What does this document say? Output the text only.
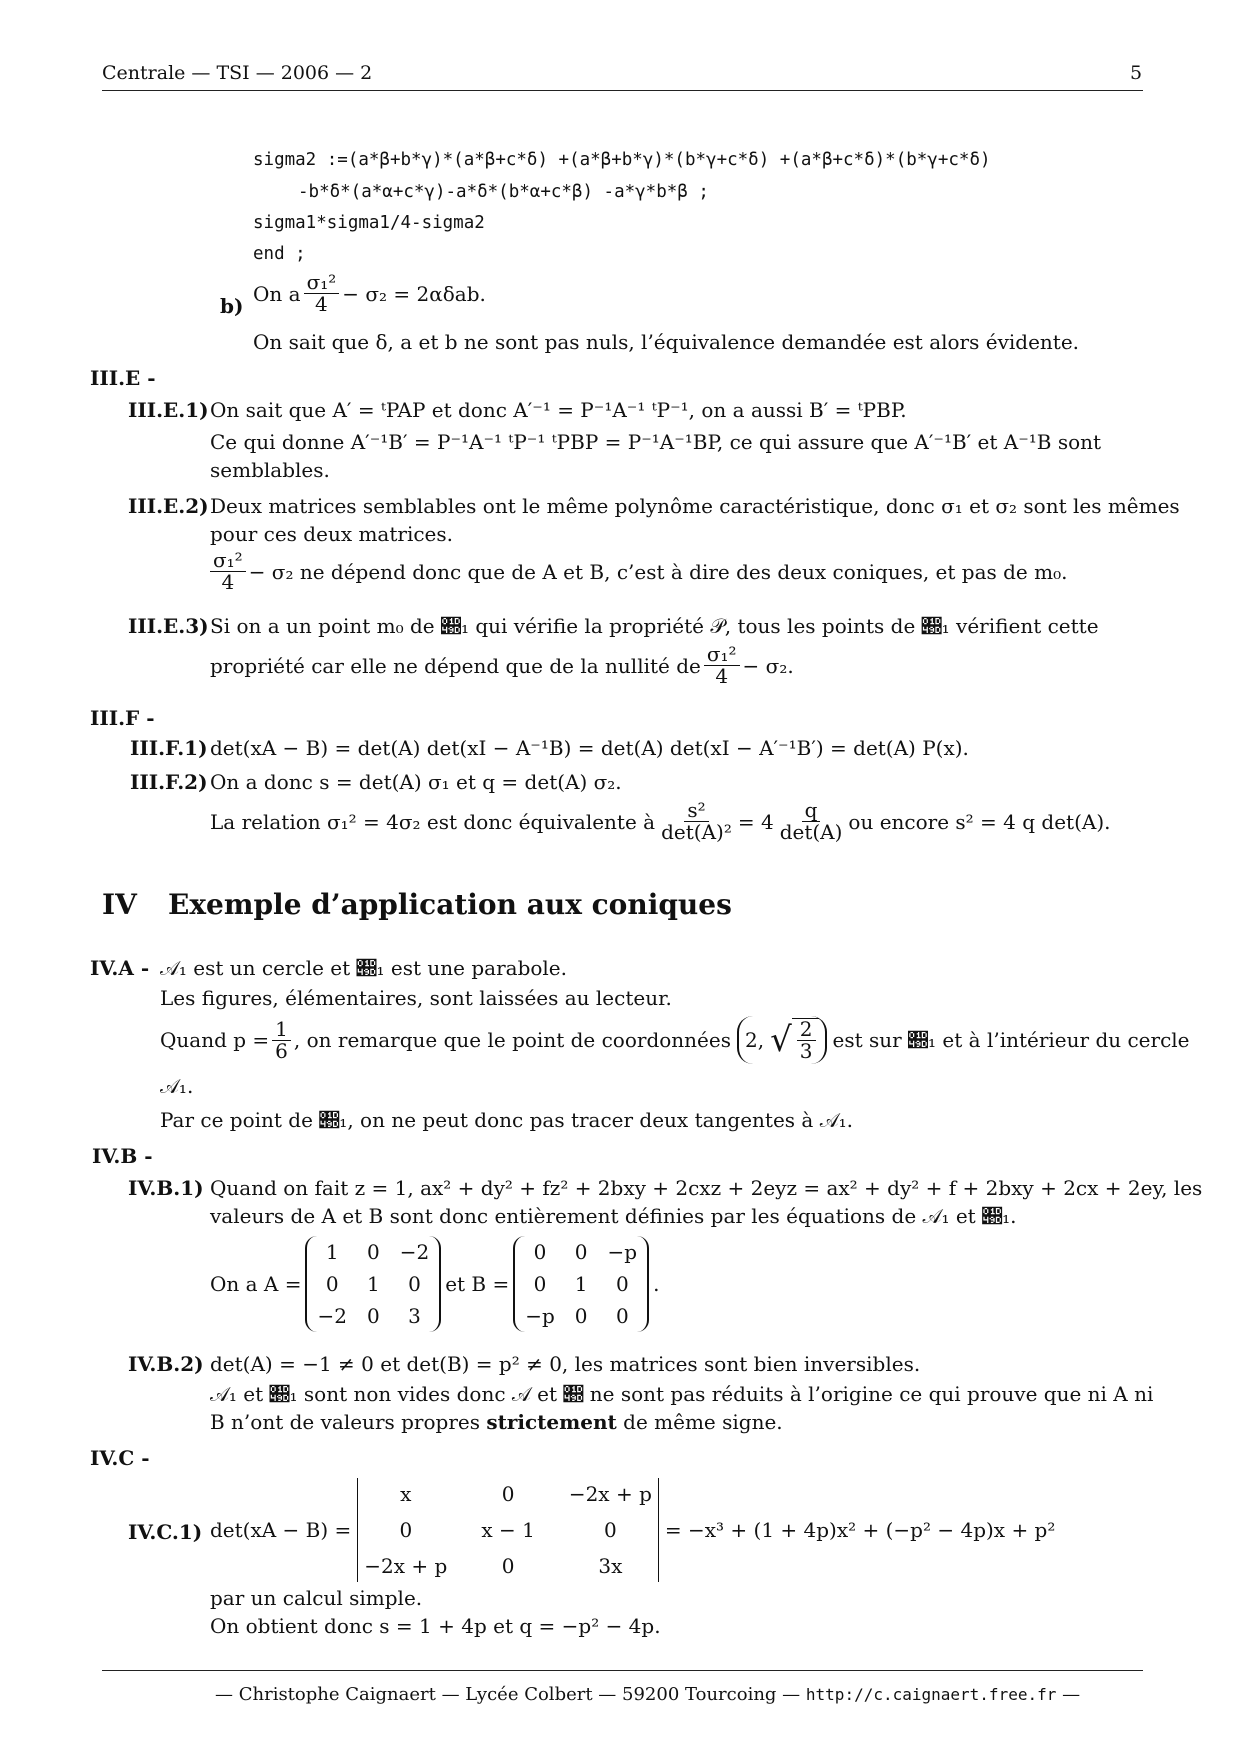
Centrale — TSI — 2006 — 2	5
sigma2 :=(a*β+b*γ)*(a*β+c*δ) +(a*β+b*γ)*(b*γ+c*δ) +(a*β+c*δ)*(b*γ+c*δ)
-b*δ*(a*α+c*γ)-a*δ*(b*α+c*β) -a*γ*b*β ;
sigma1*sigma1/4-sigma2
end ;
b)
On a $\frac{\text{σ₁²}}{4} - \sigma_2 = 2\alpha\delta ab$.
On sait que δ, a et b ne sont pas nuls, l’équivalence demandée est alors évidente.
III.E -
III.E.1) On sait que A′ = ᵗPAP et donc A′⁻¹ = P⁻¹A⁻¹ ᵗP⁻¹, on a aussi B′ = ᵗPBP.
Ce qui donne A′⁻¹B′ = P⁻¹A⁻¹ ᵗP⁻¹ ᵗPBP = P⁻¹A⁻¹BP, ce qui assure que A′⁻¹B′ et A⁻¹B sont
semblables.
III.E.2) Deux matrices semblables ont le même polynôme caractéristique, donc σ₁ et σ₂ sont les mêmes
pour ces deux matrices.
$\frac{\text{σ₁²}}{4} - \sigma_2$ ne dépend donc que de A et B, c’est à dire des deux coniques, et pas de m₀.
III.E.3) Si on a un point m₀ de 𝒝₁ qui vérifie la propriété 𝒫, tous les points de 𝒝₁ vérifient cette
propriété car elle ne dépend que de la nullité de $\frac{\text{σ₁²}}{4} - \sigma_2$.
III.F -
III.F.1) det(xA − B) = det(A) det(xI − A⁻¹B) = det(A) det(xI − A′⁻¹B′) = det(A) P(x).
III.F.2) On a donc s = det(A) σ₁ et q = det(A) σ₂.
La relation σ₁² = 4σ₂ est donc équivalente à $\frac{\text{s²}}{\text{det(A)²}} = 4 \frac{q}{\det(A)}$ ou encore s² = 4 q det(A).
IV Exemple d’application aux coniques
IV.A - 𝒜₁ est un cercle et 𝒝₁ est une parabole.
Les figures, élémentaires, sont laissées au lecteur.
Quand $p = \frac{1}{6}$ , on remarque que le point de coordonnées 2, √ $\frac{2}{3}$ est sur 𝒝₁ et à l’intérieur du cercle
𝒜₁.
Par ce point de 𝒝₁, on ne peut donc pas tracer deux tangentes à 𝒜₁.
IV.B -
IV.B.1) Quand on fait z = 1, ax² + dy² + fz² + 2bxy + 2cxz + 2eyz = ax² + dy² + f + 2bxy + 2cx + 2ey, les
valeurs de A et B sont donc entièrement définies par les équations de 𝒜₁ et 𝒝₁.
On a A =
1	0 −2
0	1	0
−2 0	3
et B =
0	0 −p
0	1	0
−p 0	0
.
IV.B.2) det(A) = −1 ≠ 0 et det(B) = p² ≠ 0, les matrices sont bien inversibles.
𝒜₁ et 𝒝₁ sont non vides donc 𝒜 et 𝒝 ne sont pas réduits à l’origine ce qui prouve que ni A ni
B n’ont de valeurs propres strictement de même signe.
IV.C -
IV.C.1) det(xA − B) =
x	0	−2x + p
0	x − 1	0
−2x + p	0	3x
= −x³ + (1 + 4p)x² + (−p² − 4p)x + p²
par un calcul simple.
On obtient donc s = 1 + 4p et q = −p² − 4p.
— Christophe Caignaert — Lycée Colbert — 59200 Tourcoing — http://c.caignaert.free.fr —
